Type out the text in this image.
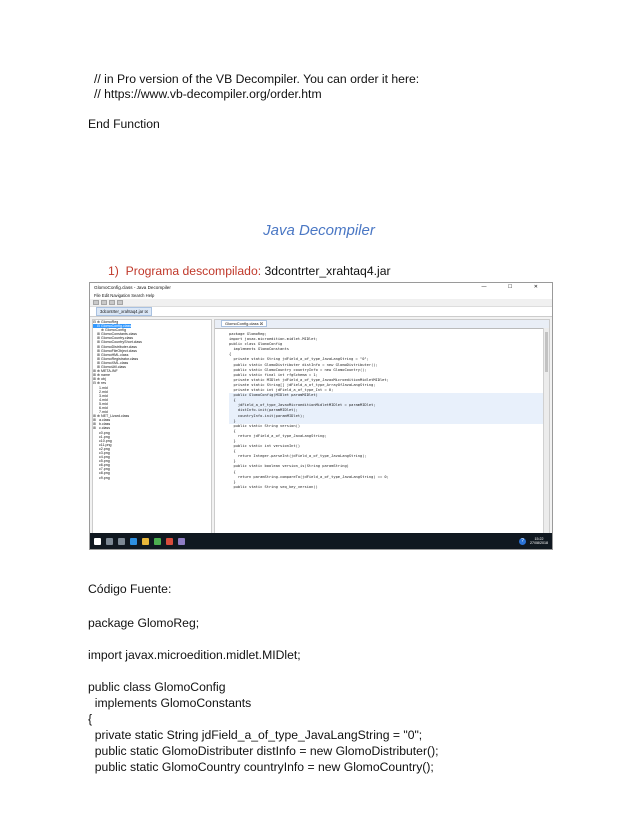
// in Pro version of the VB Decompiler. You can order it here:
// https://www.vb-decompiler.org/order.htm
End Function
Java Decompiler
1) Programa descompilado: 3dcontrter_xrahtaq4.jar
GlomoConfig.class - Java Decompiler	— ☐ ✕
File Edit Navigation Search Help
3dcontrter_xrahtaq4.jar ☒
⊟ ⊕ GlomoReg
⊟ GlomoConfig.class
⊕ GlomoConfig
⊞ GlomoConstants.class
⊞ GlomoCountry.class
⊞ GlomoCountryShort.class
⊞ GlomoDistributer.class
⊞ GlomoFileObject.class
⊞ GlomoHML.class
⊞ GlomoRegistrator.class
⊞ GlomoXML.class
⊞ GlomoUtil.class
⊞ ⊕ META-INF
⊞ ⊕ name
⊞ ⊕ obj
⊟ ⊕ res
1.mid
2.mid
3.mid
4.mid
5.mid
6.mid
7.mid
⊞ ⊕ NET_Lizard.class
⊞   a.class
⊞   b.class
⊞   c.class
c0.png
c1.png
c10.png
c11.png
c2.png
c3.png
c4.png
c5.png
c6.png
c7.png
c8.png
c9.png
GlomoConfig.class ☒
package GlomoReg;
import javax.microedition.midlet.MIDlet;
public class GlomoConfig
implements GlomoConstants
{
private static String jdField_a_of_type_JavaLangString = "0";
public static GlomoDistributer distInfo = new GlomoDistributer();
public static GlomoCountry countryInfo = new GlomoCountry();
public static final int rfgSchema = 1;
private static MIDlet jdField_a_of_type_JavaxMicroeditionMidletMIDlet;
private static String[] jdField_a_of_type_ArrayOfJavaLangString;
private static int jdField_a_of_type_Int = 0;
public GlomoConfig(MIDlet paramMIDlet)
{
jdField_a_of_type_JavaxMicroeditionMidletMIDlet = paramMIDlet;
distInfo.init(paramMIDlet);
countryInfo.init(paramMIDlet);
}
public static String version()
{
return jdField_a_of_type_JavaLangString;
}
public static int versionInt()
{
return Integer.parseInt(jdField_a_of_type_JavaLangString);
}
public static boolean version_is(String paramString)
{
return paramString.compareTo(jdField_a_of_type_JavaLangString) == 0;
}
public static String seq_key_version()
?	15:22
27/08/2018
Código Fuente:
package GlomoReg;
import javax.microedition.midlet.MIDlet;
public class GlomoConfig
implements GlomoConstants
{
private static String jdField_a_of_type_JavaLangString = "0";
public static GlomoDistributer distInfo = new GlomoDistributer();
public static GlomoCountry countryInfo = new GlomoCountry();
